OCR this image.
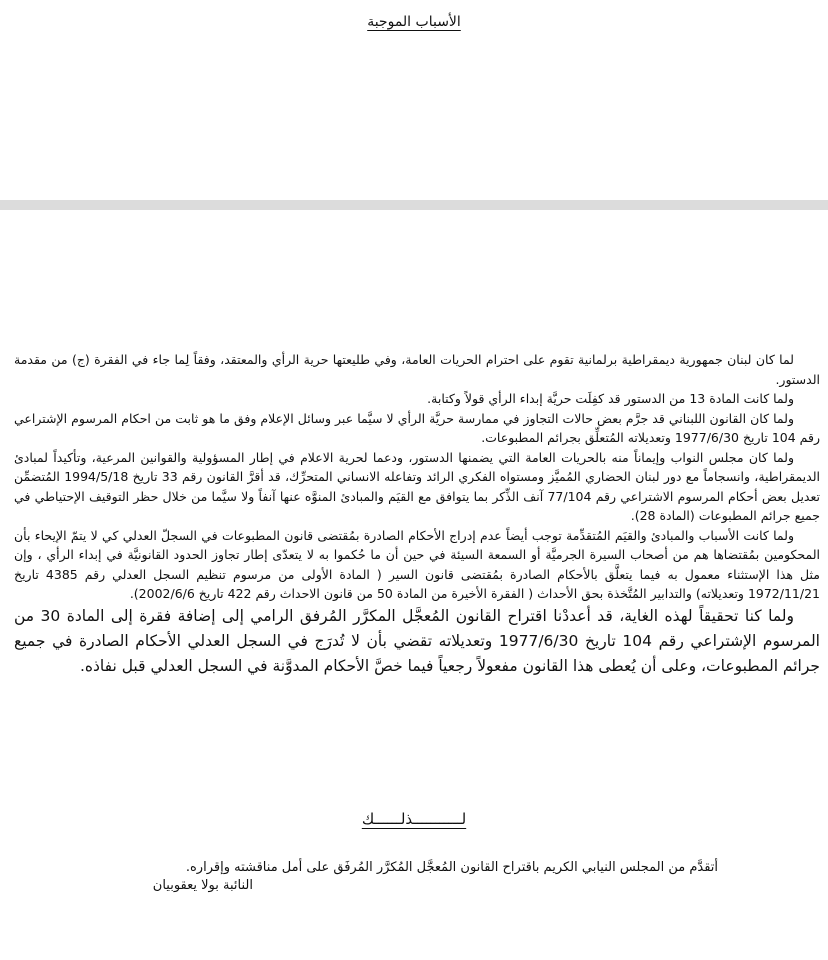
الأسباب الموجبة

لما كان لبنان جمهورية ديمقراطية برلمانية تقوم على احترام الحريات العامة، وفي طليعتها حرية الرأي والمعتقد، وفقاً لِما جاء في الفقرة (ج) من مقدمة الدستور.

ولما كانت المادة 13 من الدستور قد كفِلَت حريَّة إبداء الرأي قولاً وكتابة.

ولما كان القانون اللبناني قد جرَّم بعض حالات التجاوز في ممارسة حريَّة الرأي لا سيَّما عبر وسائل الإعلام وفق ما هو ثابت من احكام المرسوم الإشتراعي رقم 104 تاريخ 1977/6/30 وتعديلاته المُتعلِّق بجرائم المطبوعات.

ولما كان مجلس النواب وإيماناً منه بالحريات العامة التي يضمنها الدستور، ودعما لحرية الاعلام في إطار المسؤولية والقوانين المرعية، وتأكيداً لمبادئ الديمقراطية، وانسجاماً مع دور لبنان الحضاري المُميَّز ومستواه الفكري الرائد وتفاعله الانساني المتحرِّك، قد أقرَّ القانون رقم 33 تاريخ 1994/5/18 المُتضمِّن تعديل بعض أحكام المرسوم الاشتراعي رقم 77/104 آنف الذِّكر بما يتوافق مع القيَم والمبادئ المنوَّه عنها آنفاً ولا سيَّما من خلال حظر التوقيف الإحتياطي في جميع جرائم المطبوعات (المادة 28).

ولما كانت الأسباب والمبادئ والقيَم المُتقدِّمة توجب أيضاً عدم إدراج الأحكام الصادرة بمُقتضى قانون المطبوعات في السجلّ العدلي كي لا يتمّ الإيحاء بأن المحكومين بمُقتضاها هم من أصحاب السيرة الجرميَّة أو السمعة السيئة في حين أن ما حُكموا به لا يتعدّى إطار تجاوز الحدود القانونيَّة في إبداء الرأي ، وإن مثل هذا الإستثناء معمول به فيما يتعلَّق بالأحكام الصادرة بمُقتضى قانون السير ( المادة الأولى من مرسوم تنظيم السجل العدلي رقم 4385 تاريخ 1972/11/21 وتعديلاته) والتدابير المُتَّخذة بحق الأحداث ( الفقرة الأخيرة من المادة 50 من قانون الاحداث رقم 422 تاريخ 2002/6/6).

ولما كنا تحقيقاً لهذه الغاية، قد أعددْنا اقتراح القانون المُعجَّل المكرَّر المُرفق الرامي إلى إضافة فقرة إلى المادة 30 من المرسوم الإشتراعي رقم 104 تاريخ 1977/6/30 وتعديلاته تقضي بأن لا تُدرَج في السجل العدلي الأحكام الصادرة في جميع جرائم المطبوعات، وعلى أن يُعطى هذا القانون مفعولاً رجعياً فيما خصَّ الأحكام المدوَّنة في السجل العدلي قبل نفاذه.

لـــــــــــذلــــــك
أتقدَّم من المجلس النيابي الكريم باقتراح القانون المُعجَّل المُكرَّر المُرفَق على أمل مناقشته وإقراره.
النائبة بولا يعقوبيان
